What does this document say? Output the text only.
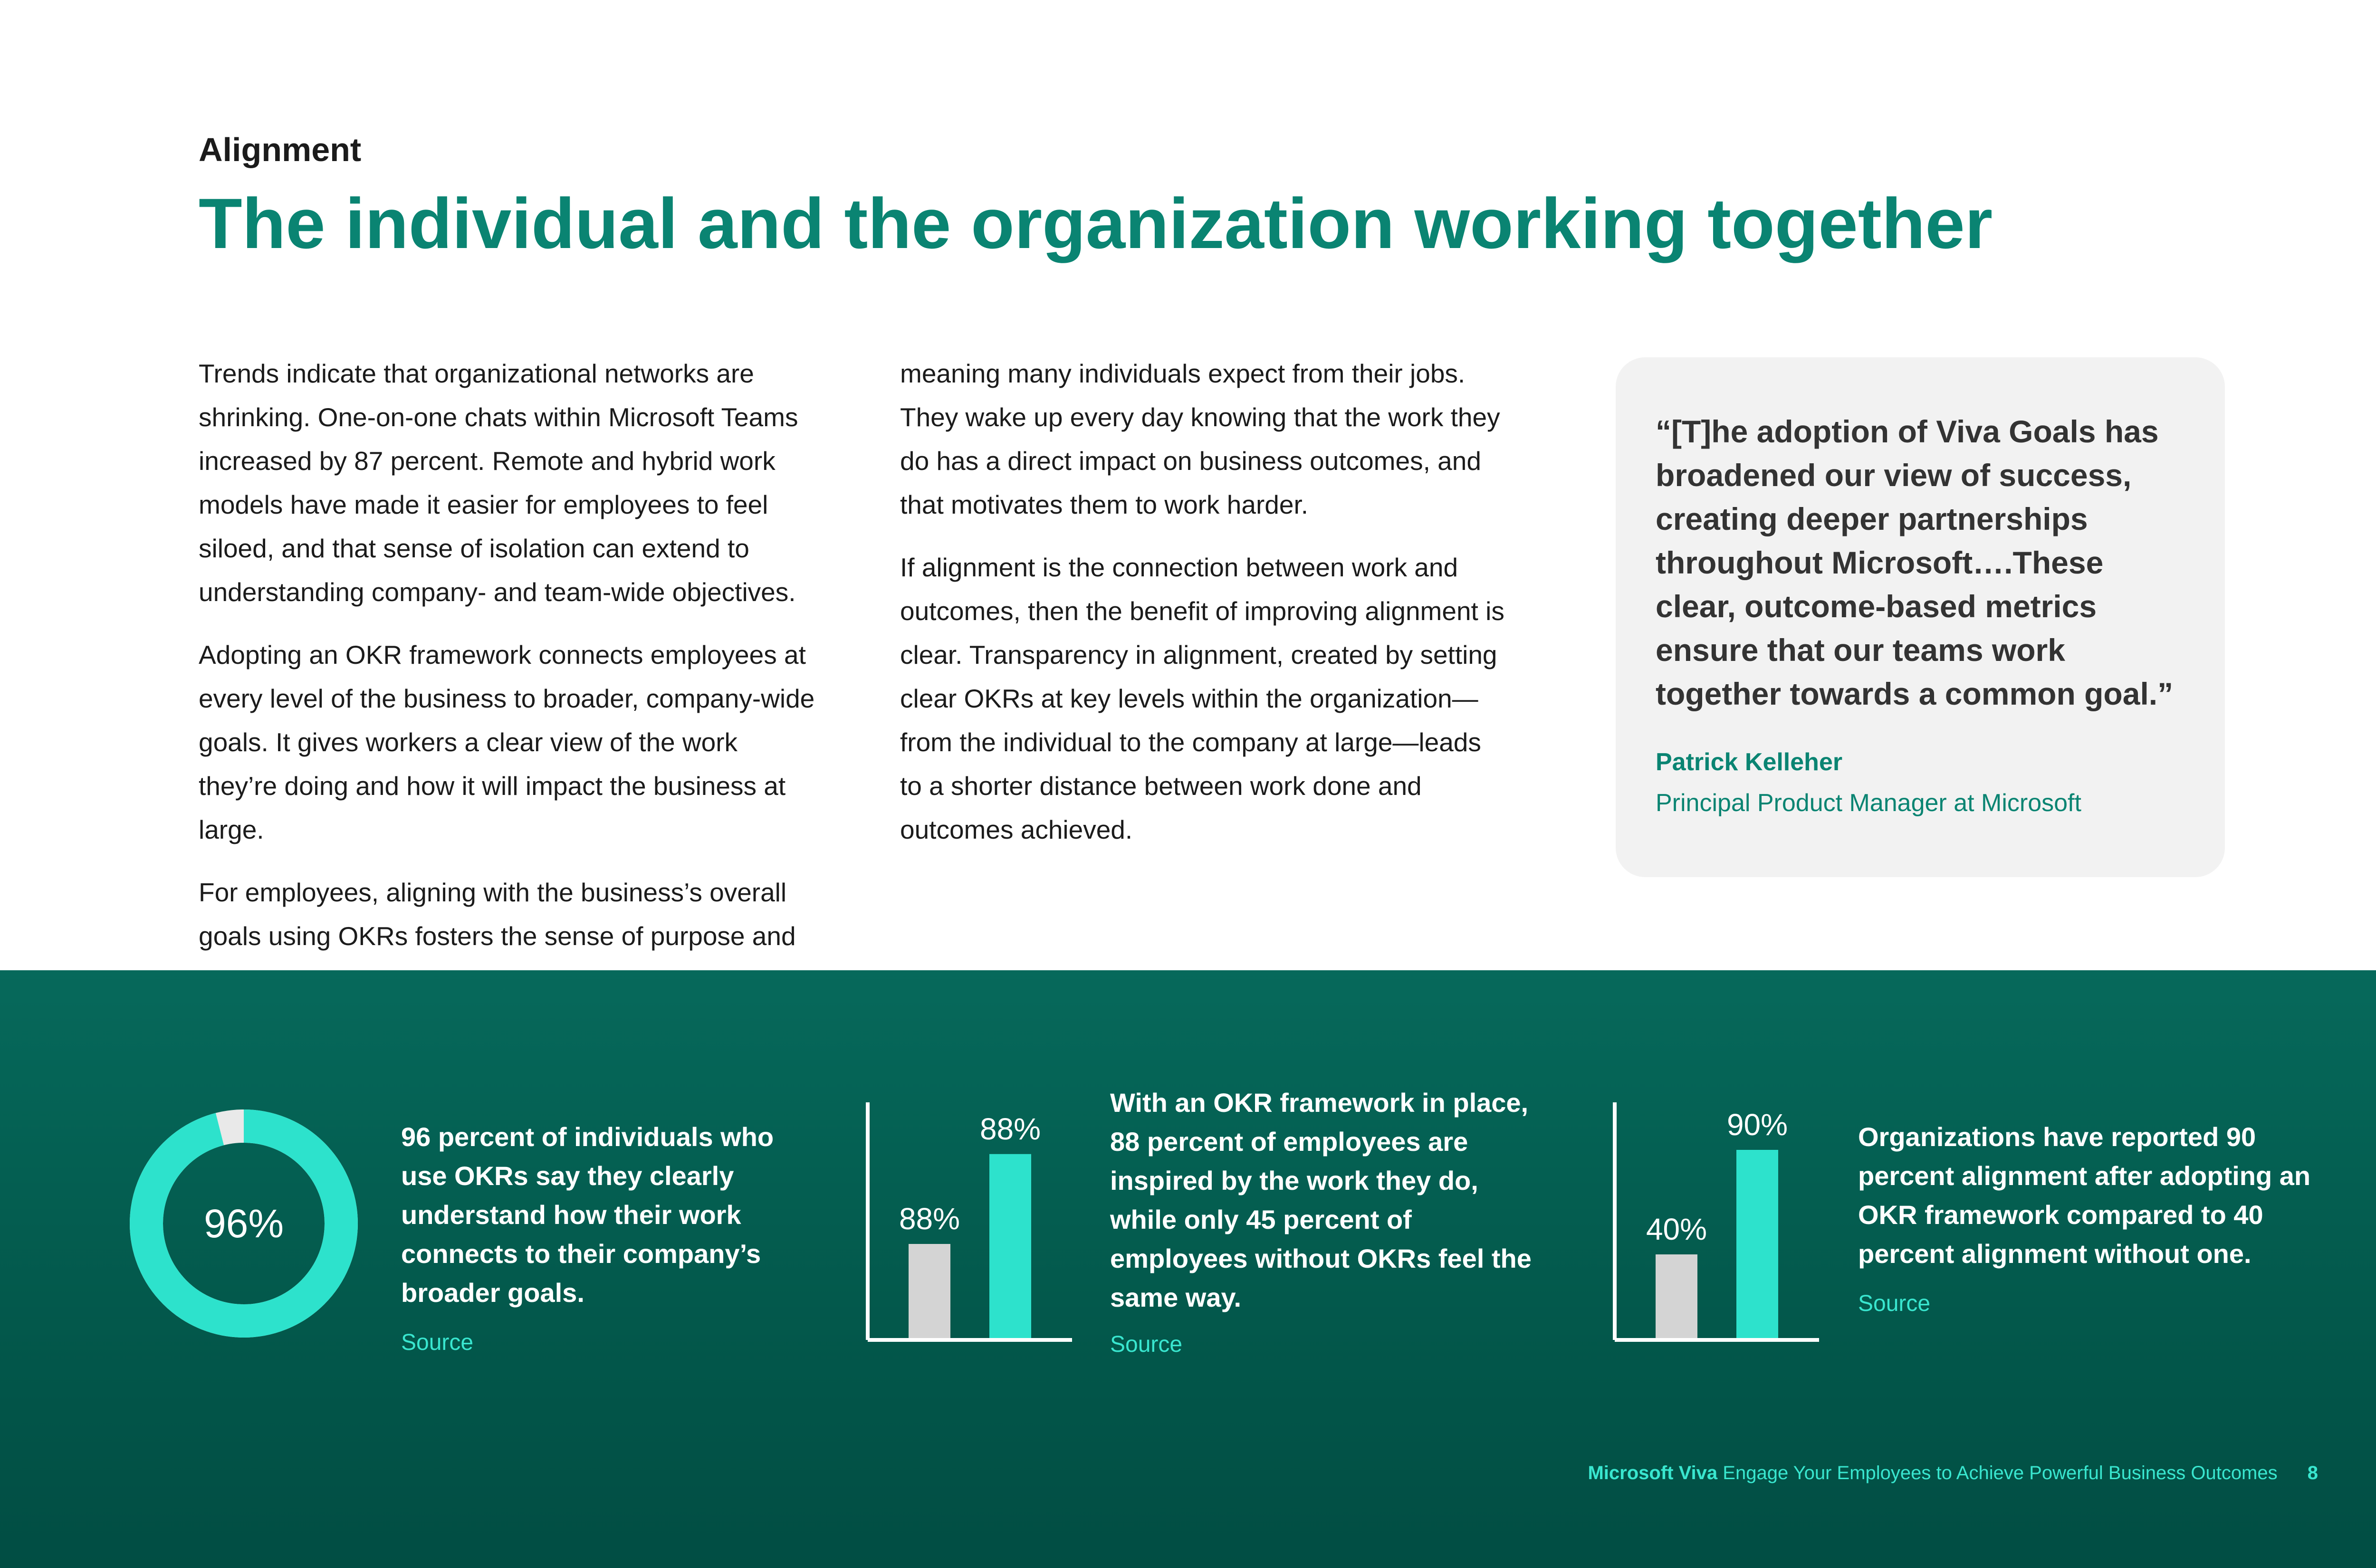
Alignment
The individual and the organization working together

Trends indicate that organizational networks are shrinking. One-on-one chats within Microsoft Teams increased by 87 percent. Remote and hybrid work models have made it easier for employees to feel siloed, and that sense of isolation can extend to understanding company- and team-wide objectives.

Adopting an OKR framework connects employees at every level of the business to broader, company-wide goals. It gives workers a clear view of the work they’re doing and how it will impact the business at large.

For employees, aligning with the business’s overall goals using OKRs fosters the sense of purpose and

meaning many individuals expect from their jobs. They wake up every day knowing that the work they do has a direct impact on business outcomes, and that motivates them to work harder.

If alignment is the connection between work and outcomes, then the benefit of improving alignment is clear. Transparency in alignment, created by setting clear OKRs at key levels within the organization—from the individual to the company at large—leads to a shorter distance between work done and outcomes achieved.

“[T]he adoption of Viva Goals has broadened our view of success, creating deeper partnerships throughout Microsoft….These clear, outcome-based metrics ensure that our teams work together towards a common goal.”
Patrick Kelleher
Principal Product Manager at Microsoft
96%
96 percent of individuals who use OKRs say they clearly understand how their work connects to their company’s broader goals.
Source
88%
88%
With an OKR framework in place, 88 percent of employees are inspired by the work they do, while only 45 percent of employees without OKRs feel the same way.
Source
40%
90%	Organizations have reported 90 percent alignment after adopting an OKR framework compared to 40 percent alignment without one.
Source
Microsoft Viva Engage Your Employees to Achieve Powerful Business Outcomes 8
